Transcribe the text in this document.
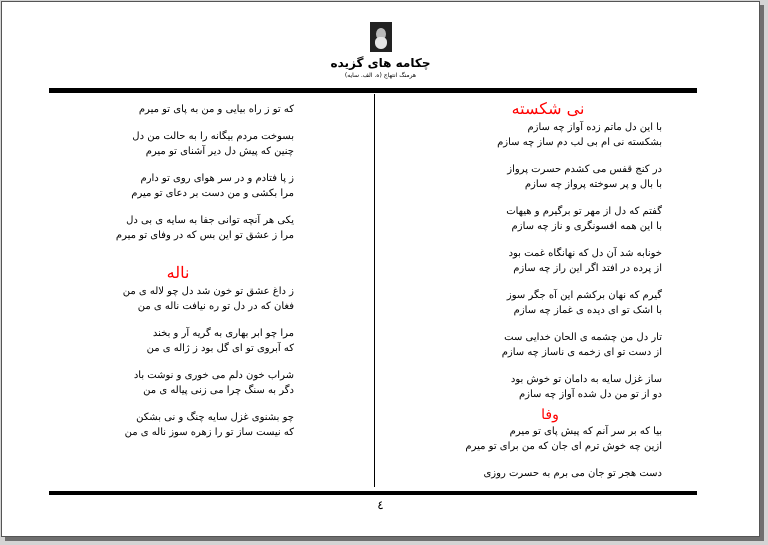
چکامه های گزیده
هرمنگ انتهاج (ه. الف. سایه)
نی شکسته
با این دل ماتم زده آواز چه سازم
بشکسته نی ام بی لب دم ساز چه سازم
در کنج قفس می کشدم حسرت پرواز
با بال و پر سوخته پرواز چه سازم
گفتم که دل از مهر تو برگیرم و هیهات
با این همه افسونگری و ناز چه سازم
خونابه شد آن دل که نهانگاه غمت بود
از پرده در افتد اگر این راز چه سازم
گیرم که نهان برکشم این آه جگر سوز
با اشک تو ای دیده ی غماز چه سازم
تار دل من چشمه ی الحان خدایی ست
از دست تو ای زخمه ی ناساز چه سازم
ساز غزل سایه به دامان تو خوش بود
دو از تو من دل شده آواز چه سازم
وفا
بیا که بر سر آنم که پیش پای تو میرم
ازین چه خوش ترم ای جان که من برای تو میرم
دست هجر تو جان می برم به حسرت روزی
که تو ز راه بیایی و من به پای تو میرم
بسوخت مردم بیگانه را به حالت من دل
چنین که پیش دل دیر آشنای تو میرم
ز پا فتادم و در سر هوای روی تو دارم
مرا بکشی و من دست بر دعای تو میرم
یکی هر آنچه توانی جفا به سایه ی بی دل
مرا ز عشق تو این بس که در وفای تو میرم
ناله
ز داغ عشق تو خون شد دل چو لاله ی من
فغان که در دل تو ره نیافت ناله ی من
مرا چو ابر بهاری به گریه آر و بخند
که آبروی تو ای گل بود ز ژاله ی من
شراب خون دلم می خوری و نوشت باد
دگر به سنگ چرا می زنی پیاله ی من
چو بشنوی غزل سایه چنگ و نی بشکن
که نیست ساز تو را زهره سوز ناله ی من
٤
